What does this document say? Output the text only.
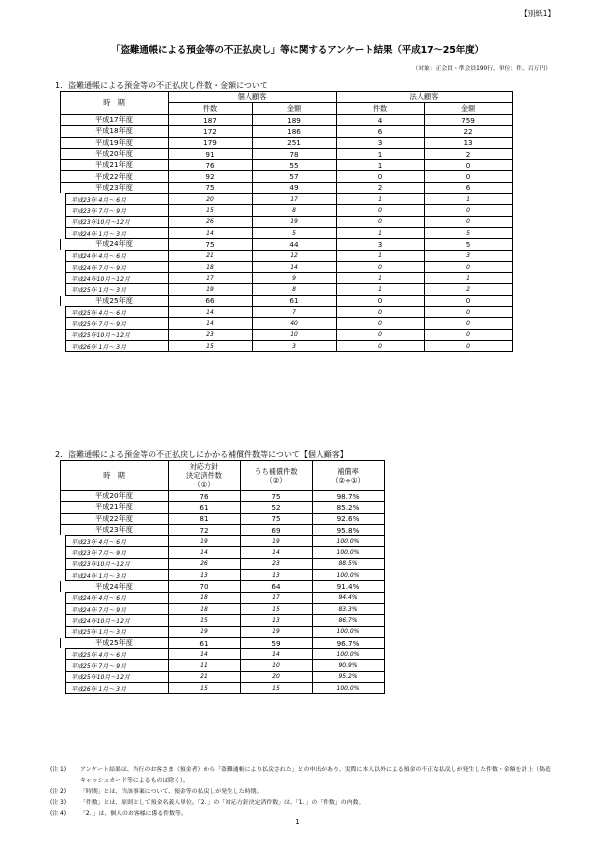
【別紙1】
「盗難通帳による預金等の不正払戻し」等に関するアンケート結果（平成17～25年度）
（対象：正会員・準会員190行、単位：件、百万円）
1．盗難通帳による預金等の不正払戻し件数・金額について
時　期	個人顧客		法人顧客	
	件数	金額	件数	金額
平成17年度	187	189	4	759
平成18年度	172	186	6	22
平成19年度	179	251	3	13
平成20年度	91	78	1	2
平成21年度	76	55	1	0
平成22年度	92	57	0	0
平成23年度	75	49	2	6
平成23年 4月～ 6月	20	17	1	1
平成23年 7月～ 9月	15	8	0	0
平成23年10月～12月	26	19	0	0
平成24年 1月～ 3月	14	5	1	5
平成24年度	75	44	3	5
平成24年 4月～ 6月	21	12	1	3
平成24年 7月～ 9月	18	14	0	0
平成24年10月～12月	17	9	1	1
平成25年 1月～ 3月	19	8	1	2
平成25年度	66	61	0	0
平成25年 4月～ 6月	14	7	0	0
平成25年 7月～ 9月	14	40	0	0
平成25年10月～12月	23	10	0	0
平成26年 1月～ 3月	15	3	0	0
2．盗難通帳による預金等の不正払戻しにかかる補償件数等について【個人顧客】
時　期	対応方針
決定済件数
（①）	うち補償件数
（②）	補償率
（②÷①）
平成20年度	76	75	98.7%
平成21年度	61	52	85.2%
平成22年度	81	75	92.6%
平成23年度	72	69	95.8%
平成23年 4月～ 6月	19	19	100.0%
平成23年 7月～ 9月	14	14	100.0%
平成23年10月～12月	26	23	88.5%
平成24年 1月～ 3月	13	13	100.0%
平成24年度	70	64	91.4%
平成24年 4月～ 6月	18	17	94.4%
平成24年 7月～ 9月	18	15	83.3%
平成24年10月～12月	15	13	86.7%
平成25年 1月～ 3月	19	19	100.0%
平成25年度	61	59	96.7%
平成25年 4月～ 6月	14	14	100.0%
平成25年 7月～ 9月	11	10	90.9%
平成25年10月～12月	21	20	95.2%
平成26年 1月～ 3月	15	15	100.0%
(注 1)	アンケート結果は、当行のお客さま（預金者）から「盗難通帳により払戻された」との申出があり、実際に本人以外による預金の不正な払戻しが発生した件数・金額を計上（偽造キャッシュカード等によるものは除く）。
(注 2)	「時期」とは、当該事案について、預金等の払戻しが発生した時期。
(注 3)	「件数」とは、原則として預金名義人単位。「2．」の「対応方針決定済件数」は、「1．」の「件数」の内数。
(注 4)	「2．」は、個人のお客様に係る件数等。
1
